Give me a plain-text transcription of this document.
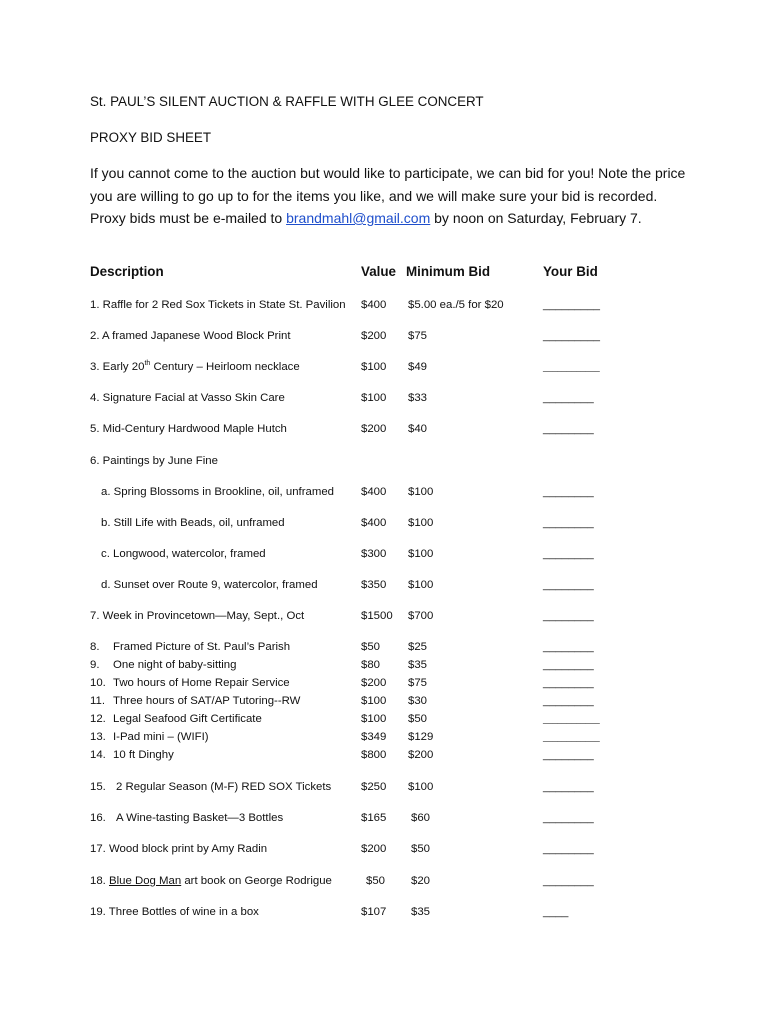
St. PAUL’S SILENT AUCTION & RAFFLE WITH GLEE CONCERT
PROXY BID SHEET
If you cannot come to the auction but would like to participate, we can bid for you! Note the price you are willing to go up to for the items you like, and we will make sure your bid is recorded. Proxy bids must be e-mailed to brandmahl@gmail.com by noon on Saturday, February 7.
Description	Value Minimum Bid	Your Bid
1. Raffle for 2 Red Sox Tickets in State St. Pavilion $400 $5.00 ea./5 for $20	_________
2. A framed Japanese Wood Block Print	$200 $75	_________
3. Early 20th Century – Heirloom necklace	$100 $49	____________
4. Signature Facial at Vasso Skin Care	$100 $33	________
5. Mid-Century Hardwood Maple Hutch	$200 $40	________
6. Paintings by June Fine
a. Spring Blossoms in Brookline, oil, unframed $400 $100	________
b. Still Life with Beads, oil, unframed	$400 $100	________
c. Longwood, watercolor, framed	$300 $100	________
d. Sunset over Route 9, watercolor, framed	$350 $100	________
7. Week in Provincetown—May, Sept., Oct	$1500 $700	________
8. Framed Picture of St. Paul’s Parish	$50 $25	________
9. One night of baby-sitting	$80 $35	________
10. Two hours of Home Repair Service	$200 $75	________
11. Three hours of SAT/AP Tutoring--RW	$100 $30	________
12. Legal Seafood Gift Certificate	$100 $50	____________
13. I-Pad mini – (WIFI)	$349 $129	____________
14. 10 ft Dinghy	$800 $200	________
15. 2 Regular Season (M-F) RED SOX Tickets	$250 $100	________
16. A Wine-tasting Basket—3 Bottles	$165 $60	________
17. Wood block print by Amy Radin	$200 $50	________
18. Blue Dog Man art book on George Rodrigue	$50 $20	________
19. Three Bottles of wine in a box	$107 $35	____
